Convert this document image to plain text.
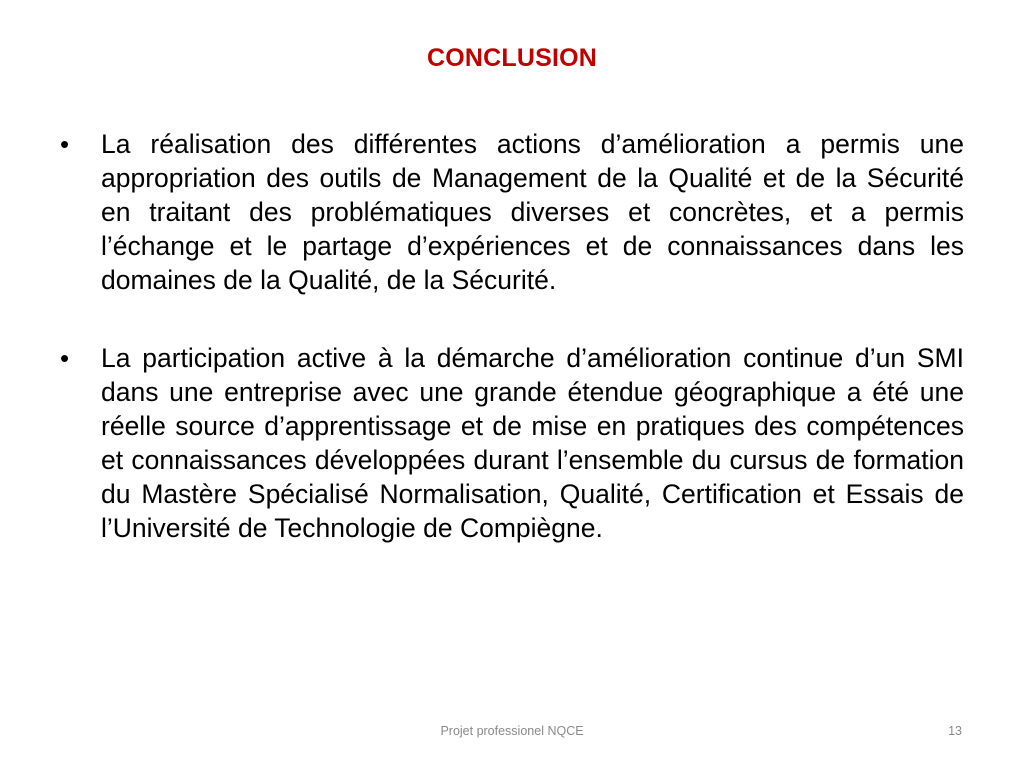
CONCLUSION
•	La réalisation des différentes actions d’amélioration a permis une appropriation des outils de Management de la Qualité et de la Sécurité en traitant des problématiques diverses et concrètes, et a permis l’échange et le partage d’expériences et de connaissances dans les domaines de la Qualité, de la Sécurité.
•	La participation active à la démarche d’amélioration continue d’un SMI dans une entreprise avec une grande étendue géographique a été une réelle source d’apprentissage et de mise en pratiques des compétences et connaissances développées durant l’ensemble du cursus de formation du Mastère Spécialisé Normalisation, Qualité, Certification et Essais de l’Université de Technologie de Compiègne.
Projet professionel NQCE	13
